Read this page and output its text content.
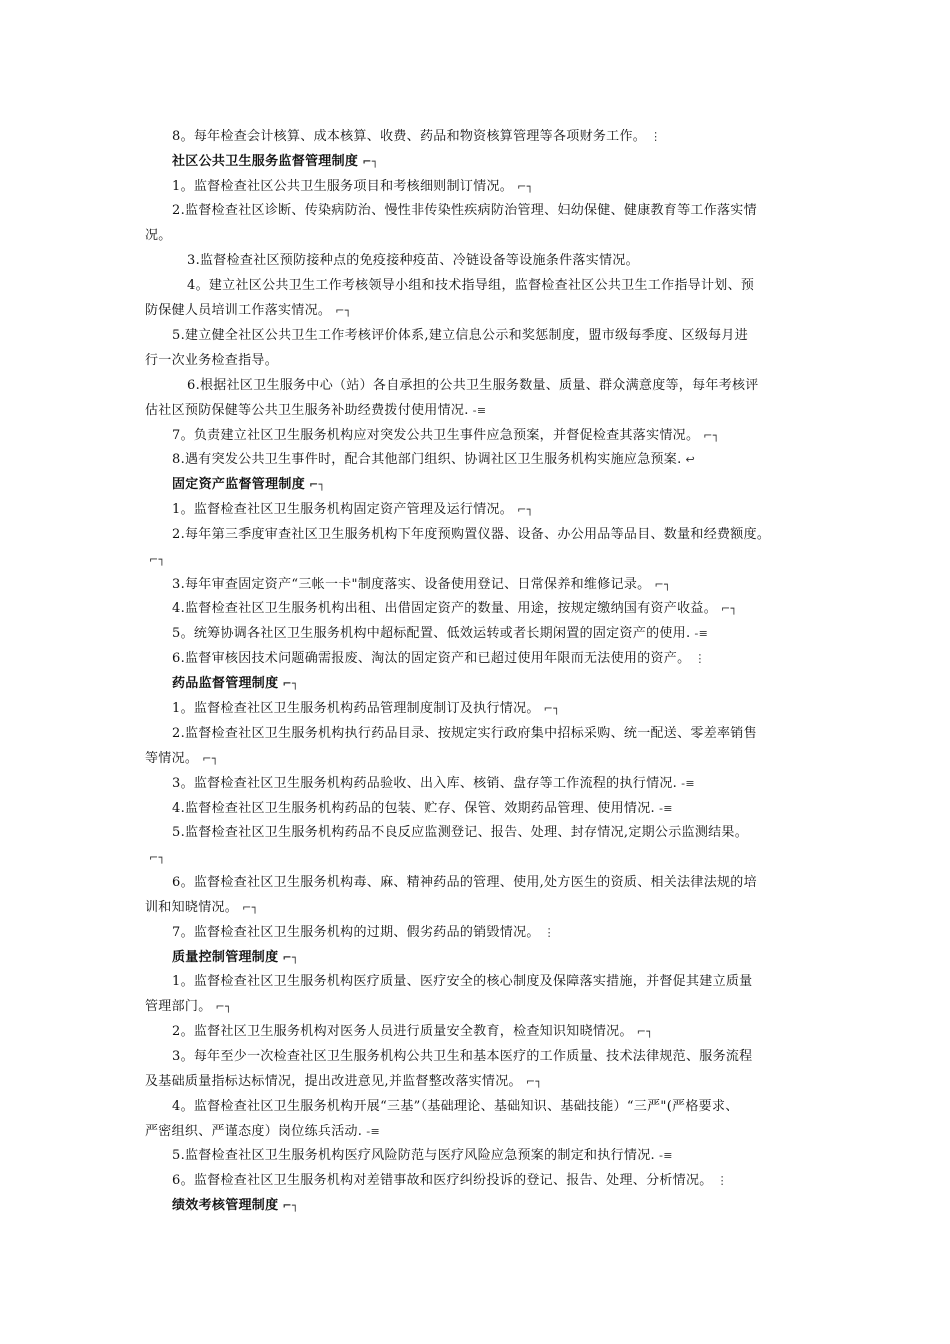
8。每年检查会计核算、成本核算、收费、药品和物资核算管理等各项财务工作。 ⋮
社区公共卫生服务监督管理制度 ⌐┐
1。监督检查社区公共卫生服务项目和考核细则制订情况。 ⌐┐
2.监督检查社区诊断、传染病防治、慢性非传染性疾病防治管理、妇幼保健、健康教育等工作落实情
况。
3.监督检查社区预防接种点的免疫接种疫苗、冷链设备等设施条件落实情况。
4。建立社区公共卫生工作考核领导小组和技术指导组，监督检查社区公共卫生工作指导计划、预
防保健人员培训工作落实情况。 ⌐┐
5.建立健全社区公共卫生工作考核评价体系,建立信息公示和奖惩制度，盟市级每季度、区级每月进
行一次业务检查指导。
6.根据社区卫生服务中心（站）各自承担的公共卫生服务数量、质量、群众满意度等，每年考核评
估社区预防保健等公共卫生服务补助经费拨付使用情况. -≡
7。负责建立社区卫生服务机构应对突发公共卫生事件应急预案，并督促检查其落实情况。 ⌐┐
8.遇有突发公共卫生事件时，配合其他部门组织、协调社区卫生服务机构实施应急预案. ↩
固定资产监督管理制度 ⌐┐
1。监督检查社区卫生服务机构固定资产管理及运行情况。 ⌐┐
2.每年第三季度审查社区卫生服务机构下年度预购置仪器、设备、办公用品等品目、数量和经费额度。
⌐┐
3.每年审查固定资产“三帐一卡"制度落实、设备使用登记、日常保养和维修记录。 ⌐┐
4.监督检查社区卫生服务机构出租、出借固定资产的数量、用途，按规定缴纳国有资产收益。 ⌐┐
5。统筹协调各社区卫生服务机构中超标配置、低效运转或者长期闲置的固定资产的使用. -≡
6.监督审核因技术问题确需报废、淘汰的固定资产和已超过使用年限而无法使用的资产。 ⋮
药品监督管理制度 ⌐┐
1。监督检查社区卫生服务机构药品管理制度制订及执行情况。 ⌐┐
2.监督检查社区卫生服务机构执行药品目录、按规定实行政府集中招标采购、统一配送、零差率销售
等情况。 ⌐┐
3。监督检查社区卫生服务机构药品验收、出入库、核销、盘存等工作流程的执行情况. -≡
4.监督检查社区卫生服务机构药品的包装、贮存、保管、效期药品管理、使用情况. -≡
5.监督检查社区卫生服务机构药品不良反应监测登记、报告、处理、封存情况,定期公示监测结果。
⌐┐
6。监督检查社区卫生服务机构毒、麻、精神药品的管理、使用,处方医生的资质、相关法律法规的培
训和知晓情况。 ⌐┐
7。监督检查社区卫生服务机构的过期、假劣药品的销毁情况。 ⋮
质量控制管理制度 ⌐┐
1。监督检查社区卫生服务机构医疗质量、医疗安全的核心制度及保障落实措施，并督促其建立质量
管理部门。 ⌐┐
2。监督社区卫生服务机构对医务人员进行质量安全教育，检查知识知晓情况。 ⌐┐
3。每年至少一次检查社区卫生服务机构公共卫生和基本医疗的工作质量、技术法律规范、服务流程
及基础质量指标达标情况，提出改进意见,并监督整改落实情况。 ⌐┐
4。监督检查社区卫生服务机构开展“三基”（基础理论、基础知识、基础技能）“三严"(严格要求、
严密组织、严谨态度）岗位练兵活动. -≡
5.监督检查社区卫生服务机构医疗风险防范与医疗风险应急预案的制定和执行情况. -≡
6。监督检查社区卫生服务机构对差错事故和医疗纠纷投诉的登记、报告、处理、分析情况。 ⋮
绩效考核管理制度 ⌐┐
